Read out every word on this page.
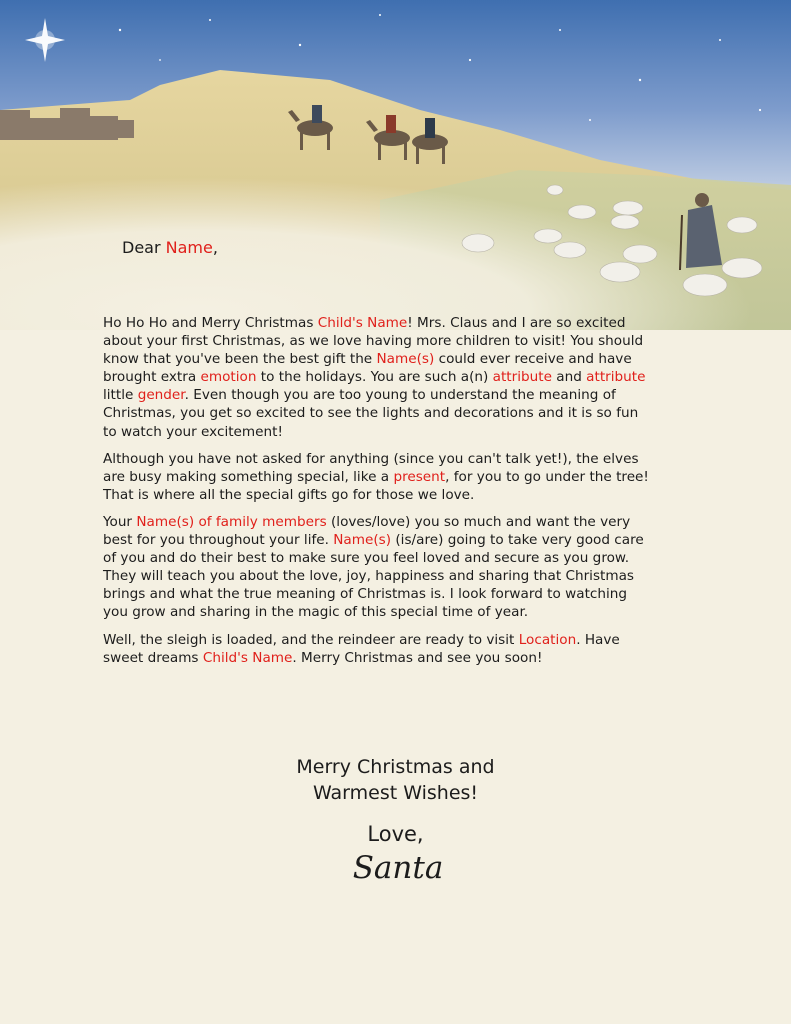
Dear Name,

Ho Ho Ho and Merry Christmas Child's Name! Mrs. Claus and I are so excited about your first Christmas, as we love having more children to visit! You should know that you've been the best gift the Name(s) could ever receive and have brought extra emotion to the holidays. You are such a(n) attribute and attribute little gender. Even though you are too young to understand the meaning of Christmas, you get so excited to see the lights and decorations and it is so fun to watch your excitement!

Although you have not asked for anything (since you can't talk yet!), the elves are busy making something special, like a present, for you to go under the tree! That is where all the special gifts go for those we love.

Your Name(s) of family members (loves/love) you so much and want the very best for you throughout your life. Name(s) (is/are) going to take very good care of you and do their best to make sure you feel loved and secure as you grow. They will teach you about the love, joy, happiness and sharing that Christmas brings and what the true meaning of Christmas is. I look forward to watching you grow and sharing in the magic of this special time of year.

Well, the sleigh is loaded, and the reindeer are ready to visit Location. Have sweet dreams Child's Name. Merry Christmas and see you soon!

Merry Christmas and
Warmest Wishes!
Love,
Santa
